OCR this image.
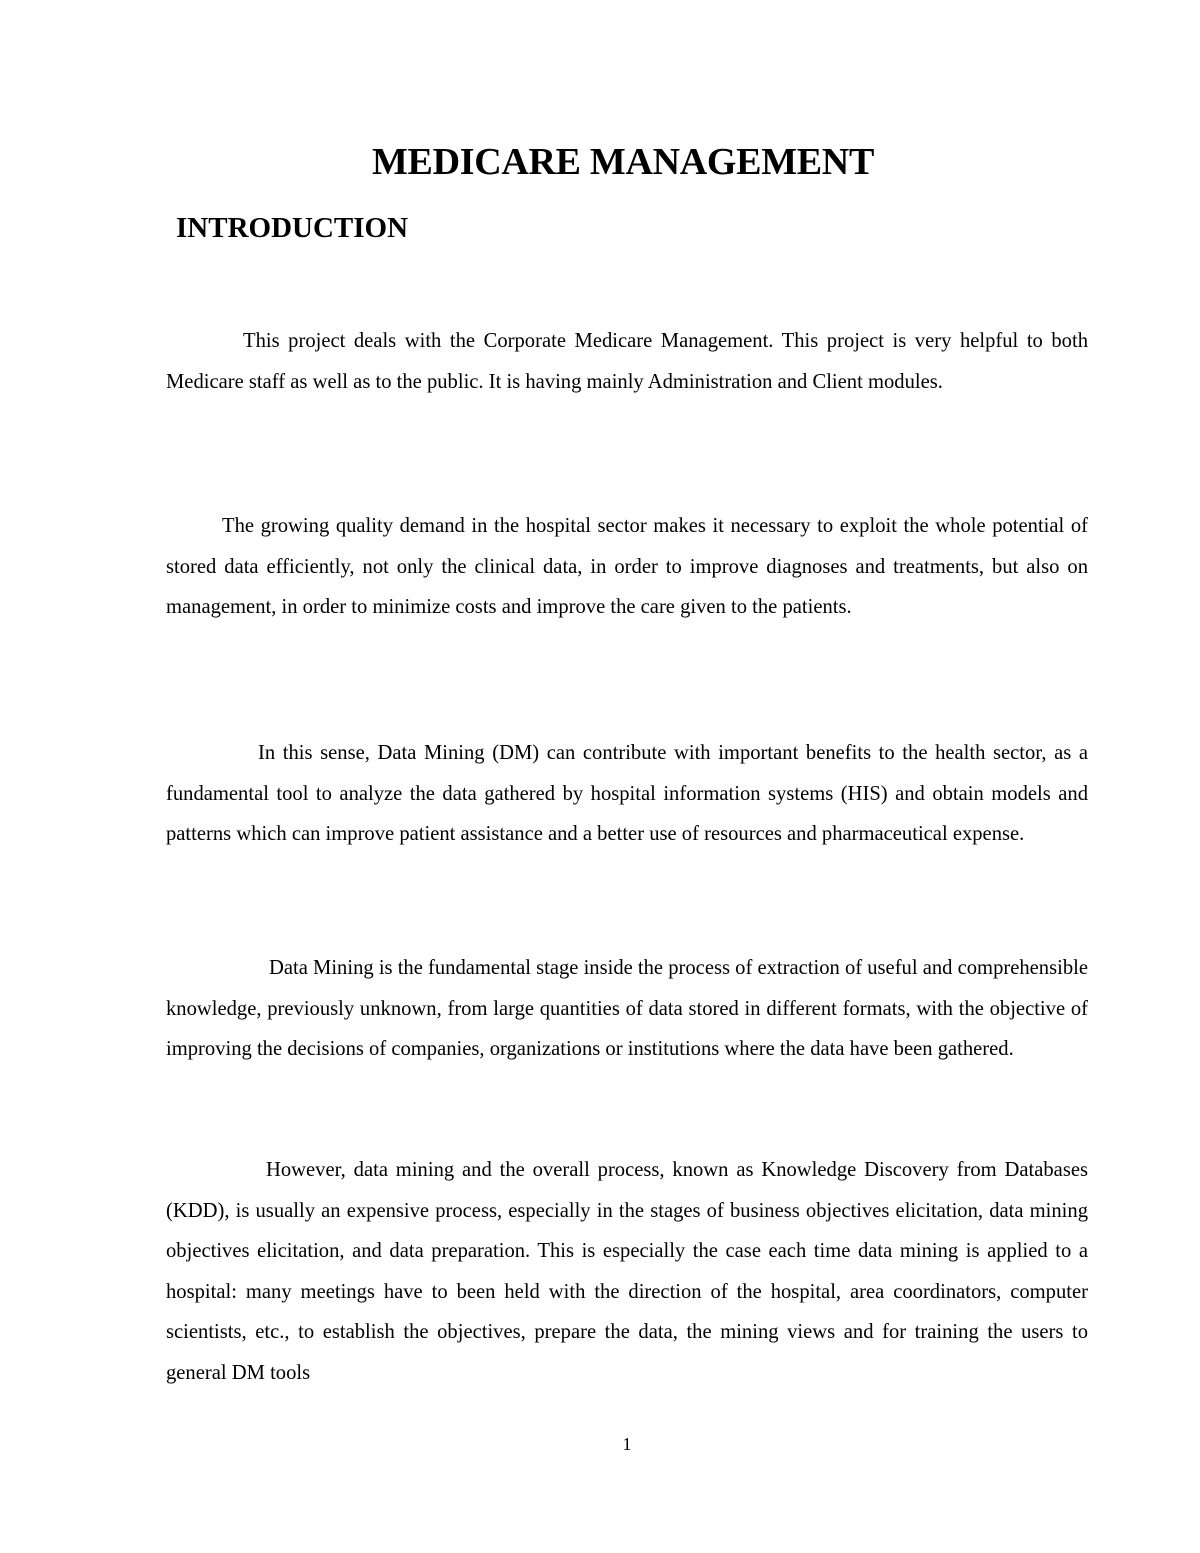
MEDICARE MANAGEMENT
INTRODUCTION

This project deals with the Corporate Medicare Management. This project is very helpful to both Medicare staff as well as to the public. It is having mainly Administration and Client modules.

The growing quality demand in the hospital sector makes it necessary to exploit the whole potential of stored data efficiently, not only the clinical data, in order to improve diagnoses and treatments, but also on management, in order to minimize costs and improve the care given to the patients.

In this sense, Data Mining (DM) can contribute with important benefits to the health sector, as a fundamental tool to analyze the data gathered by hospital information systems (HIS) and obtain models and patterns which can improve patient assistance and a better use of resources and pharmaceutical expense.

Data Mining is the fundamental stage inside the process of extraction of useful and comprehensible knowledge, previously unknown, from large quantities of data stored in different formats, with the objective of improving the decisions of companies, organizations or institutions where the data have been gathered.

However, data mining and the overall process, known as Knowledge Discovery from Databases (KDD), is usually an expensive process, especially in the stages of business objectives elicitation, data mining objectives elicitation, and data preparation. This is especially the case each time data mining is applied to a hospital: many meetings have to been held with the direction of the hospital, area coordinators, computer scientists, etc., to establish the objectives, prepare the data, the mining views and for training the users to general DM tools

1
